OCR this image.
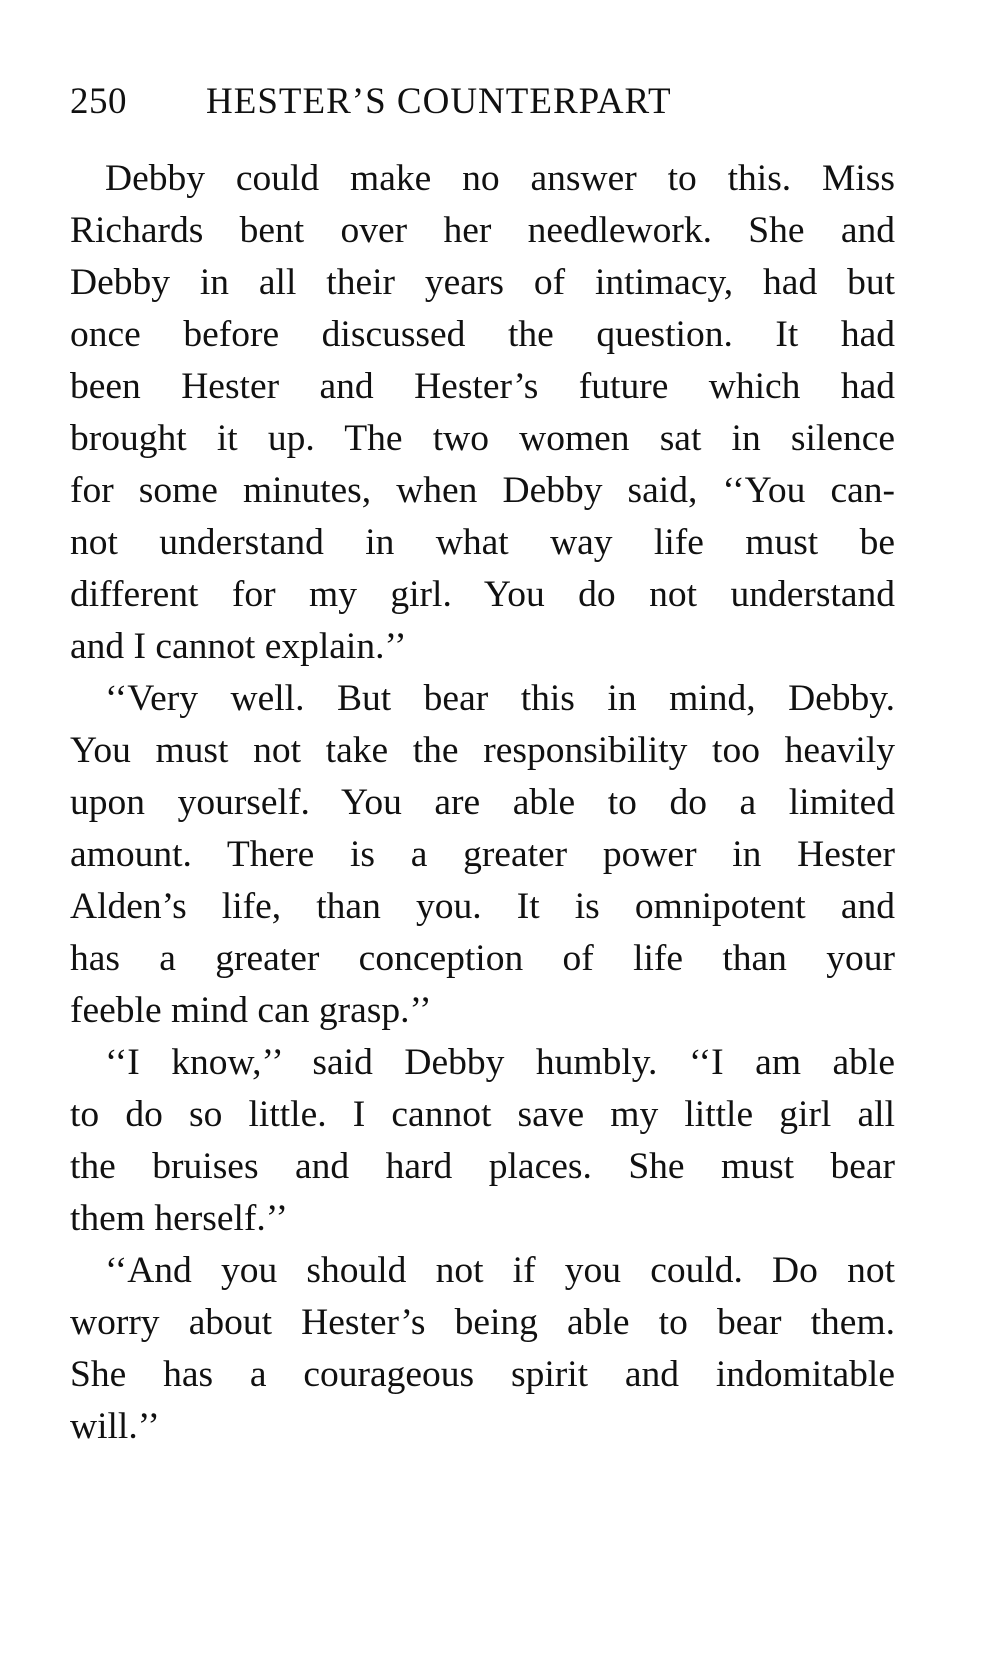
250 HESTER’S COUNTERPART
Debby could make no answer to this. Miss
Richards bent over her needlework. She and
Debby in all their years of intimacy, had but
once before discussed the question. It had
been Hester and Hester’s future which had
brought it up. The two women sat in silence
for some minutes, when Debby said, ‘‘You can-
not understand in what way life must be
different for my girl. You do not understand
and I cannot explain.’’
‘‘Very well. But bear this in mind, Debby.
You must not take the responsibility too heavily
upon yourself. You are able to do a limited
amount. There is a greater power in Hester
Alden’s life, than you. It is omnipotent and
has a greater conception of life than your
feeble mind can grasp.’’
‘‘I know,’’ said Debby humbly. ‘‘I am able
to do so little. I cannot save my little girl all
the bruises and hard places. She must bear
them herself.’’
‘‘And you should not if you could. Do not
worry about Hester’s being able to bear them.
She has a courageous spirit and indomitable
will.’’
